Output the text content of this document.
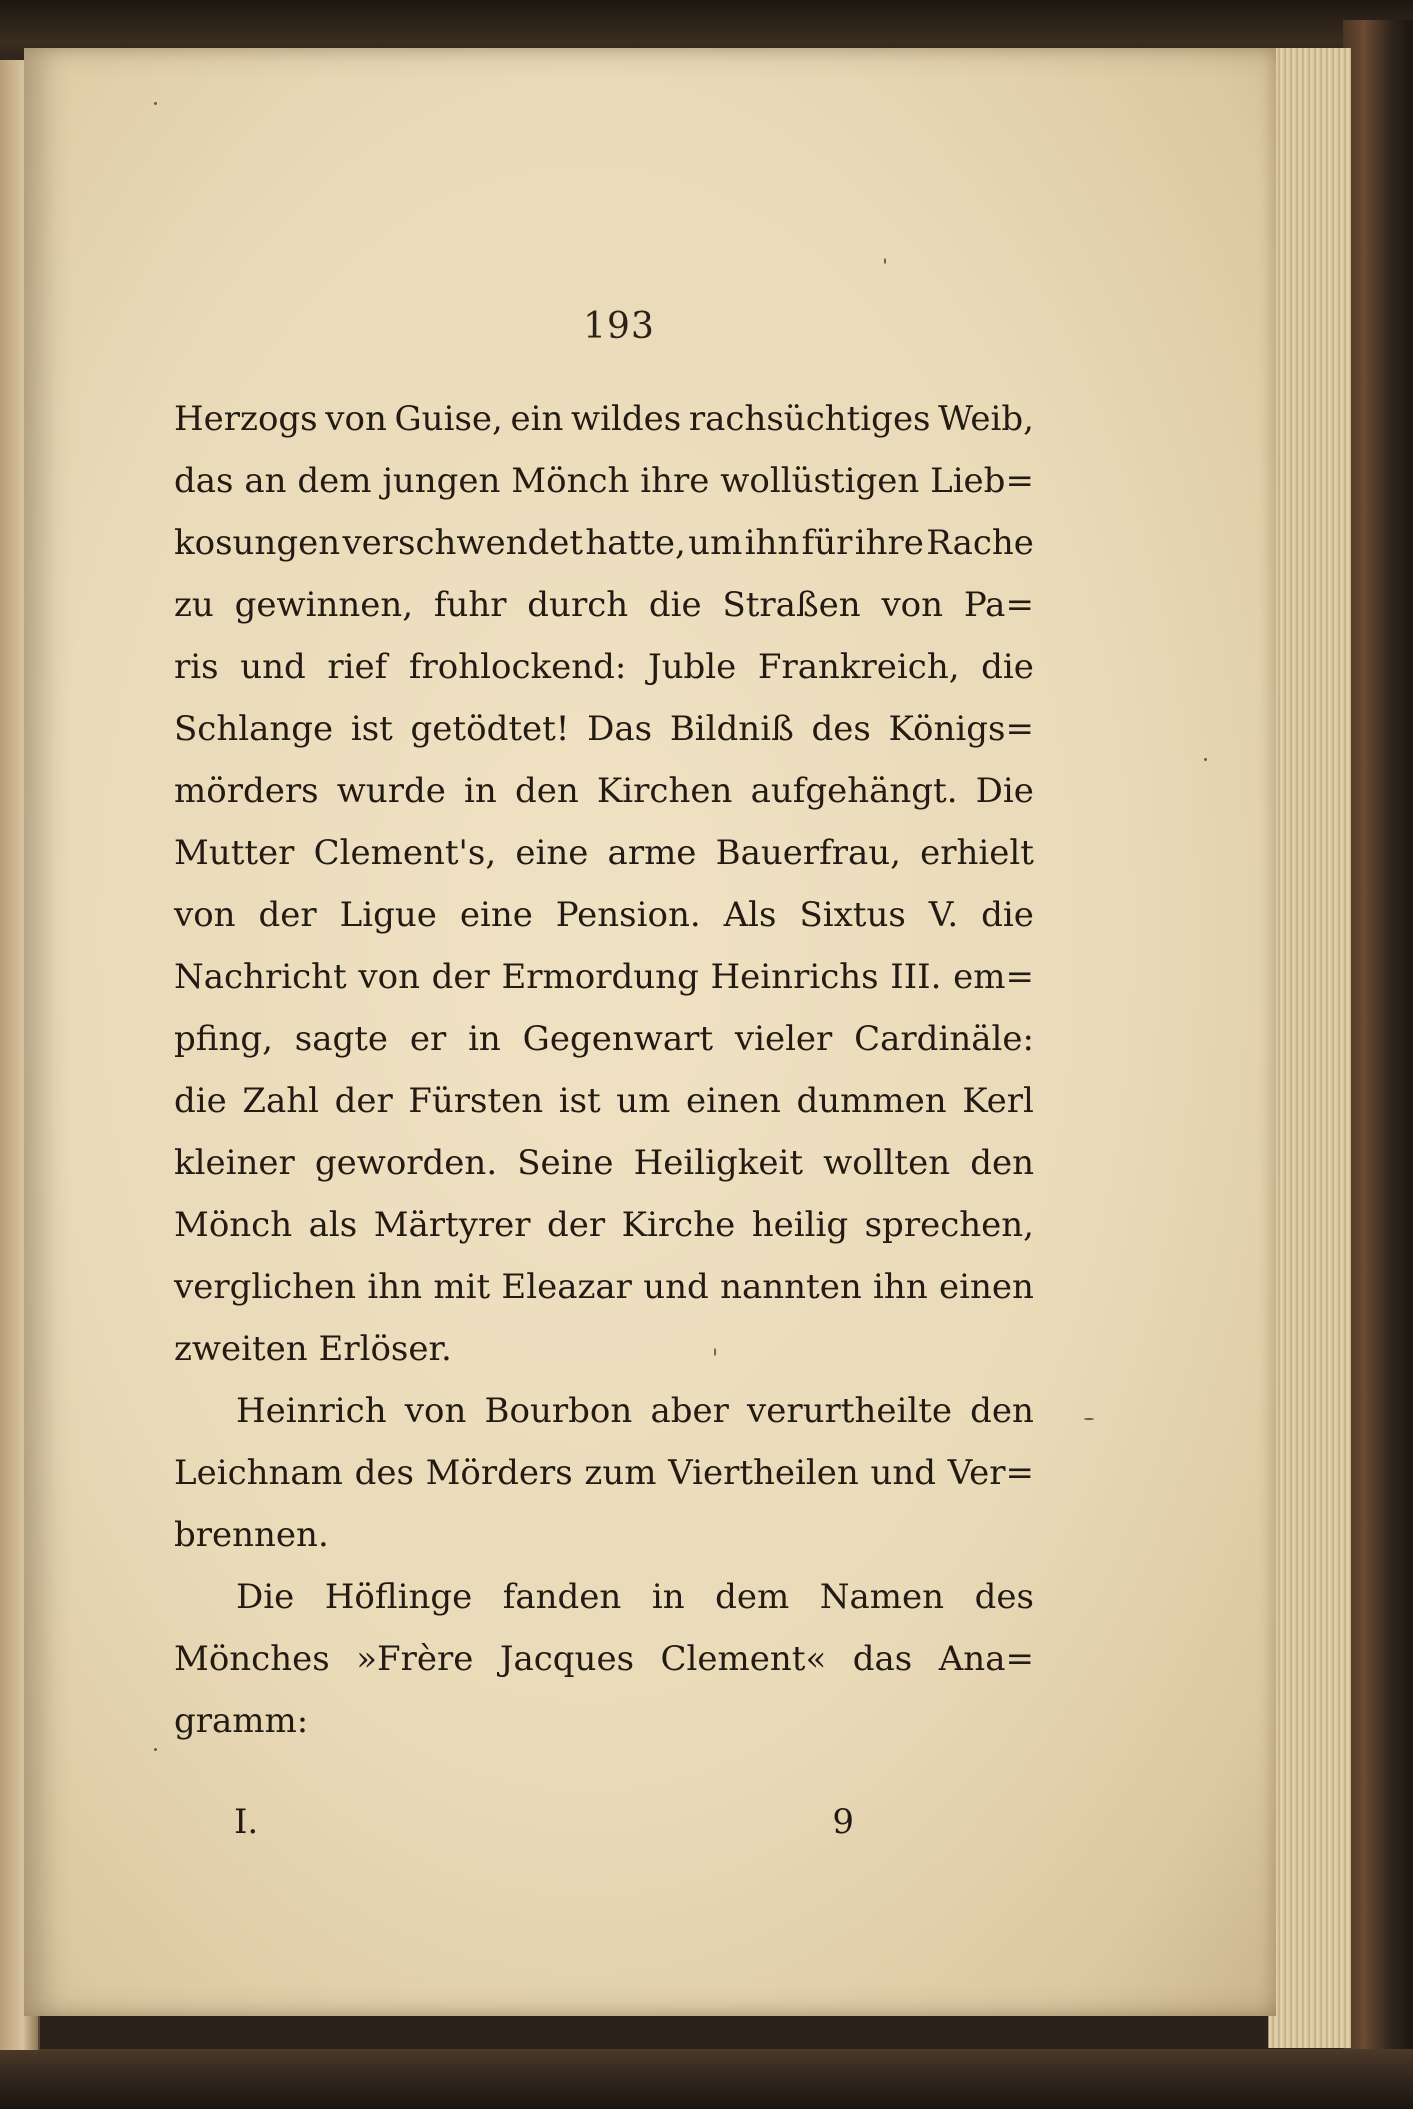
193
Herzogs von Guise, ein wildes rachsüchtiges Weib,
das an dem jungen Mönch ihre wollüstigen Lieb=
kosungen verschwendet hatte, um ihn für ihre Rache
zu gewinnen, fuhr durch die Straßen von Pa=
ris und rief frohlockend: Juble Frankreich, die
Schlange ist getödtet! Das Bildniß des Königs=
mörders wurde in den Kirchen aufgehängt. Die
Mutter Clement's, eine arme Bauerfrau, erhielt
von der Ligue eine Pension. Als Sixtus V. die
Nachricht von der Ermordung Heinrichs III. em=
pfing, sagte er in Gegenwart vieler Cardinäle:
die Zahl der Fürsten ist um einen dummen Kerl
kleiner geworden. Seine Heiligkeit wollten den
Mönch als Märtyrer der Kirche heilig sprechen,
verglichen ihn mit Eleazar und nannten ihn einen
zweiten Erlöser.
Heinrich von Bourbon aber verurtheilte den
Leichnam des Mörders zum Viertheilen und Ver=
brennen.
Die Höflinge fanden in dem Namen des
Mönches »Frère Jacques Clement« das Ana=
gramm:
I.	9
